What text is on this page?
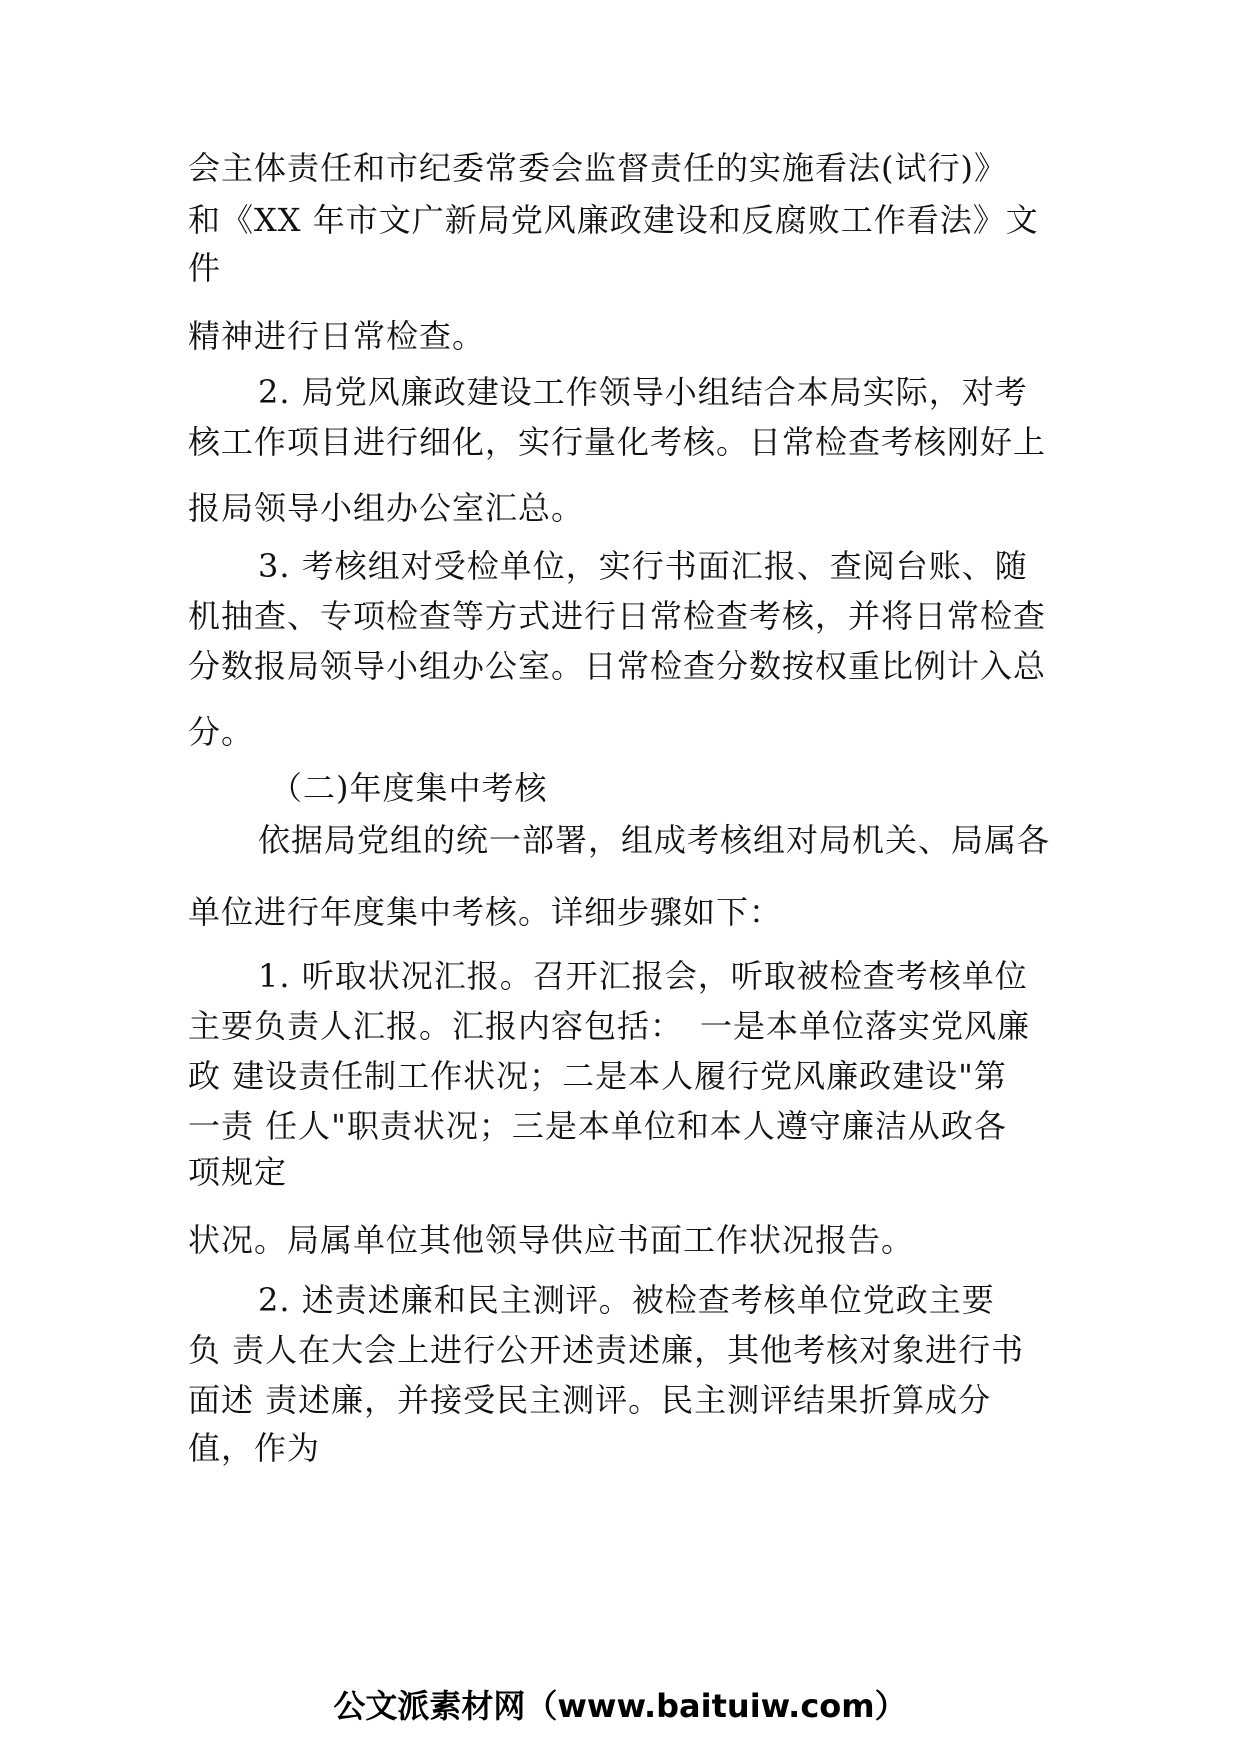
会主体责任和市纪委常委会监督责任的实施看法(试行)》
和《XX 年市文广新局党风廉政建设和反腐败工作看法》文
件
精神进行日常检查。
2. 局党风廉政建设工作领导小组结合本局实际，对考
核工作项目进行细化，实行量化考核。日常检查考核刚好上
报局领导小组办公室汇总。
3. 考核组对受检单位，实行书面汇报、查阅台账、随
机抽查、专项检查等方式进行日常检查考核，并将日常检查
分数报局领导小组办公室。日常检查分数按权重比例计入总
分。
（二)年度集中考核
依据局党组的统一部署，组成考核组对局机关、局属各
单位进行年度集中考核。详细步骤如下：
1. 听取状况汇报。召开汇报会，听取被检查考核单位
主要负责人汇报。汇报内容包括：　一是本单位落实党风廉
政 建设责任制工作状况；二是本人履行党风廉政建设"第
一责 任人"职责状况；三是本单位和本人遵守廉洁从政各
项规定
状况。局属单位其他领导供应书面工作状况报告。
2. 述责述廉和民主测评。被检查考核单位党政主要
负 责人在大会上进行公开述责述廉，其他考核对象进行书
面述 责述廉，并接受民主测评。民主测评结果折算成分
值，作为
公文派素材网（www.baituiw.com）
